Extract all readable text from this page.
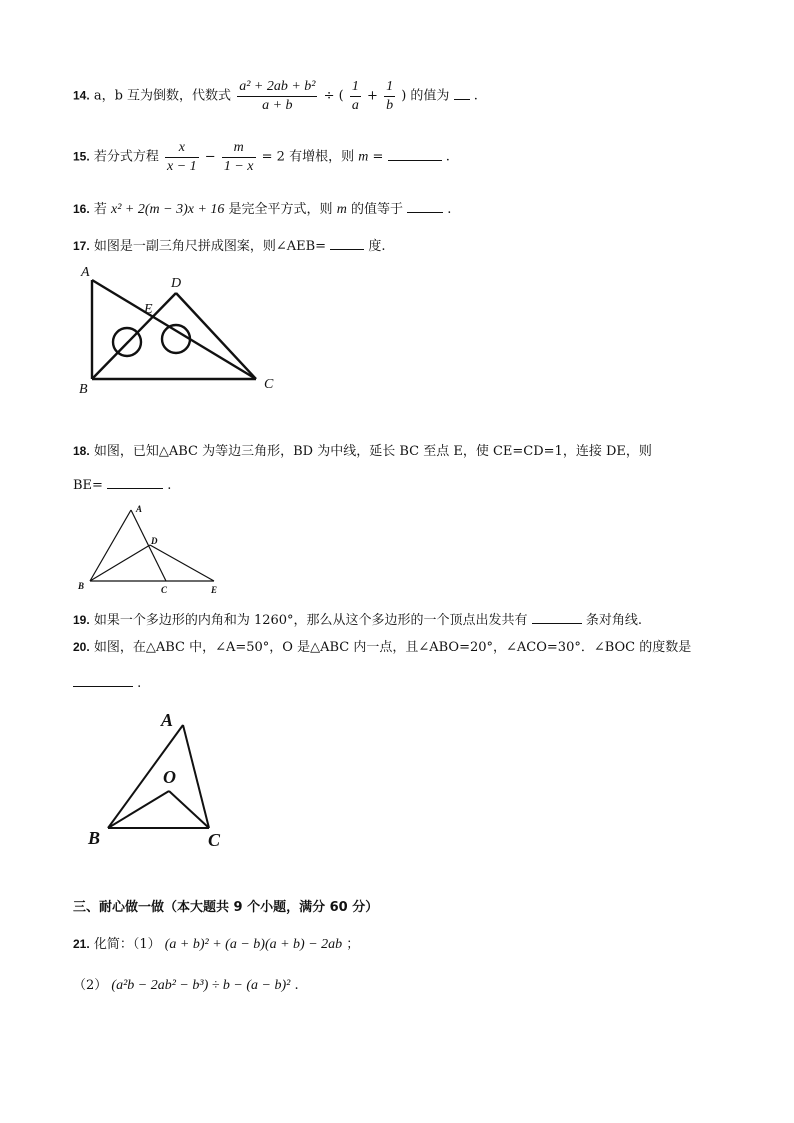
14. a，b 互为倒数，代数式 $\frac{\text{a² + 2ab + b²}}{a + b}$ ÷ ( $\frac{1}{a} + \frac{1}{b}$ ) 的值为 .
15. 若分式方程 $\frac{x}{x - 1} - \frac{m}{1 - x} = 2$ 有增根，则 m =	.
16. 若 x² + 2(m − 3)x + 16 是完全平方式，则 m 的值等于	.
17. 如图是一副三角尺拼成图案，则∠AEB=	度.
A
D
E
B	C
18. 如图，已知△ABC 为等边三角形，BD 为中线，延长 BC 至点 E，使 CE=CD=1，连接 DE，则
BE=	.
A
D
B	C	E
19. 如果一个多边形的内角和为 1260°，那么从这个多边形的一个顶点出发共有	条对角线.
20. 如图，在△ABC 中，∠A=50°，O 是△ABC 内一点，且∠ABO=20°，∠ACO=30°．∠BOC 的度数是
.
A
O
B	C
三、耐心做一做（本大题共 9 个小题，满分 60 分）
21. 化简：（1） (a + b)² + (a − b)(a + b) − 2ab ；
（2） (a²b − 2ab² − b³) ÷ b − (a − b)² .
